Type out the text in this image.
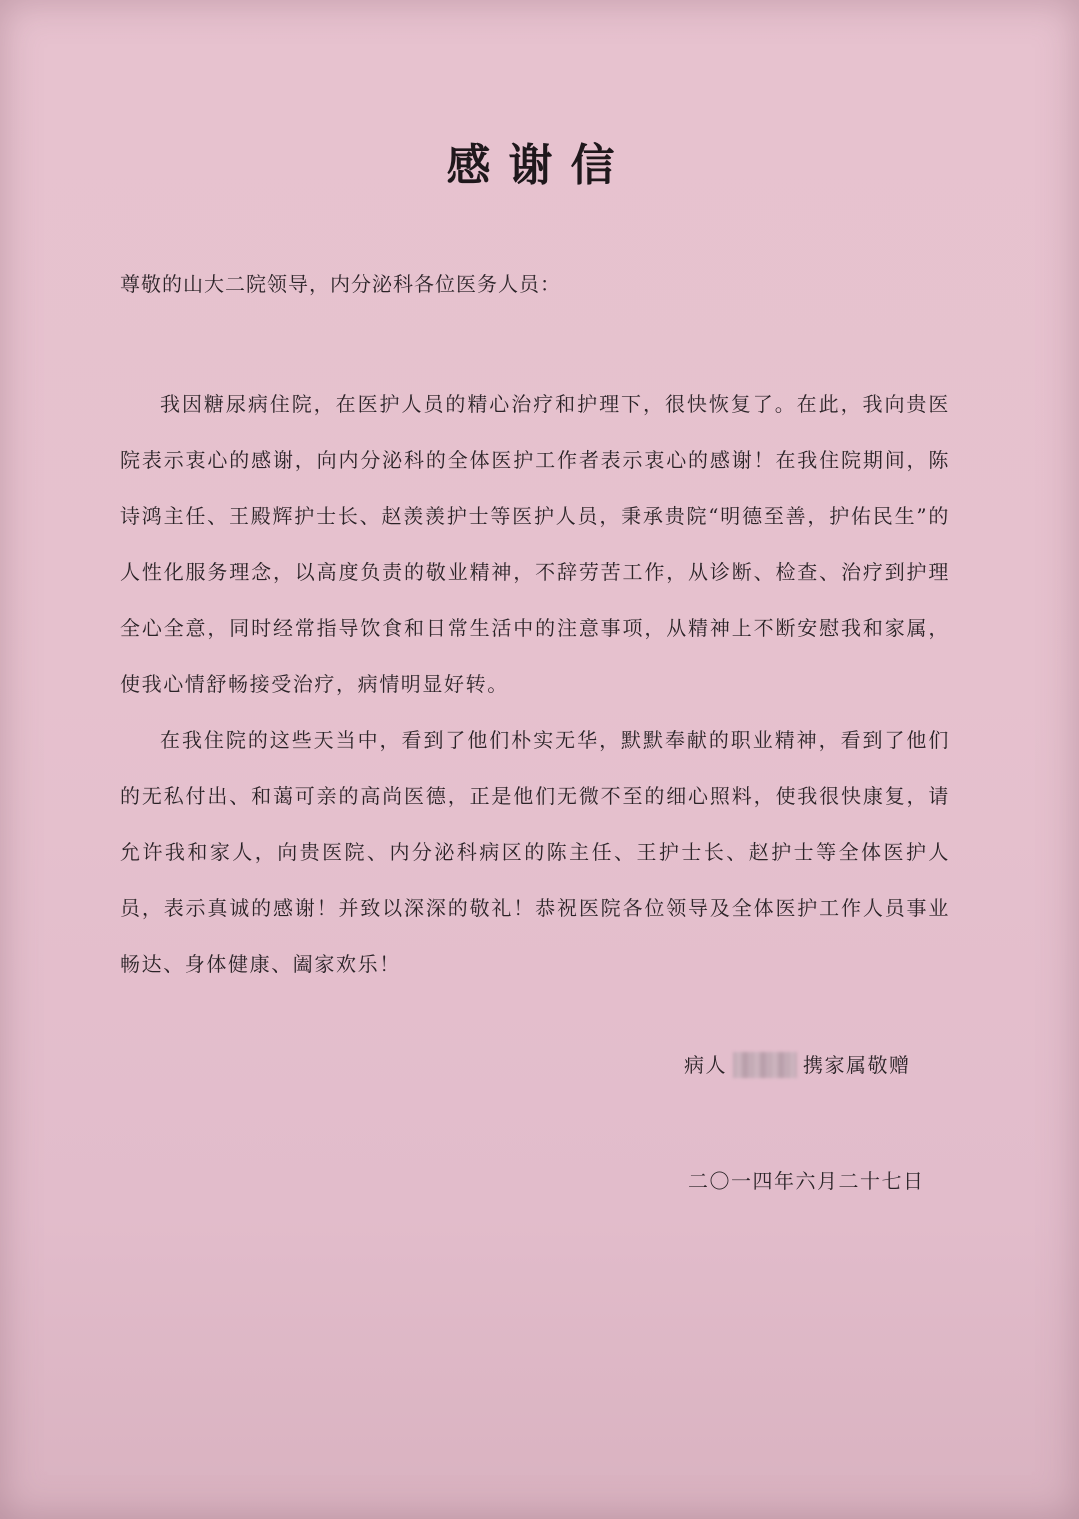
感谢信

尊敬的山大二院领导，内分泌科各位医务人员：

我因糖尿病住院，在医护人员的精心治疗和护理下，很快恢复了。在此，我向贵医院表示衷心的感谢，向内分泌科的全体医护工作者表示衷心的感谢！在我住院期间，陈诗鸿主任、王殿辉护士长、赵羡羡护士等医护人员，秉承贵院“明德至善，护佑民生”的人性化服务理念，以高度负责的敬业精神，不辞劳苦工作，从诊断、检查、治疗到护理全心全意，同时经常指导饮食和日常生活中的注意事项，从精神上不断安慰我和家属，使我心情舒畅接受治疗，病情明显好转。

在我住院的这些天当中，看到了他们朴实无华，默默奉献的职业精神，看到了他们的无私付出、和蔼可亲的高尚医德，正是他们无微不至的细心照料，使我很快康复，请允许我和家人，向贵医院、内分泌科病区的陈主任、王护士长、赵护士等全体医护人员，表示真诚的感谢！并致以深深的敬礼！恭祝医院各位领导及全体医护工作人员事业畅达、身体健康、阖家欢乐！

病人	携家属敬赠
二〇一四年六月二十七日
